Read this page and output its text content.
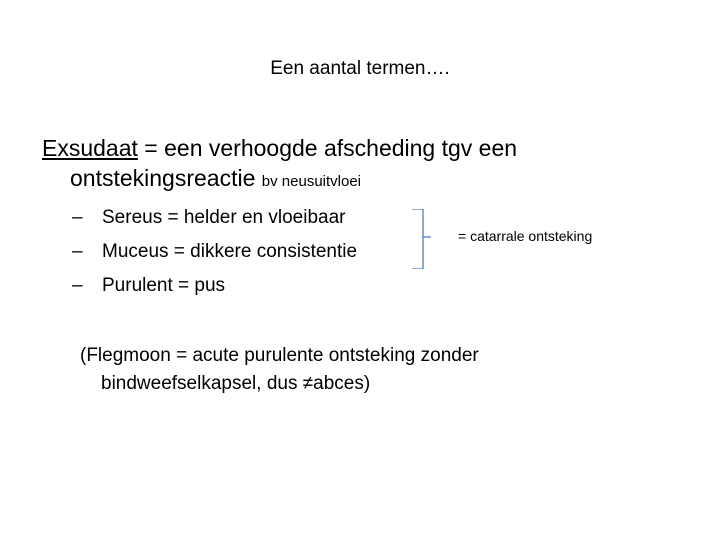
Een aantal termen….
Exsudaat = een verhoogde afscheding tgv een
ontstekingsreactie bv neusuitvloei
– Sereus = helder en vloeibaar
– Muceus = dikkere consistentie
– Purulent = pus
= catarrale ontsteking
(Flegmoon = acute purulente ontsteking zonder
bindweefselkapsel, dus ≠abces)
